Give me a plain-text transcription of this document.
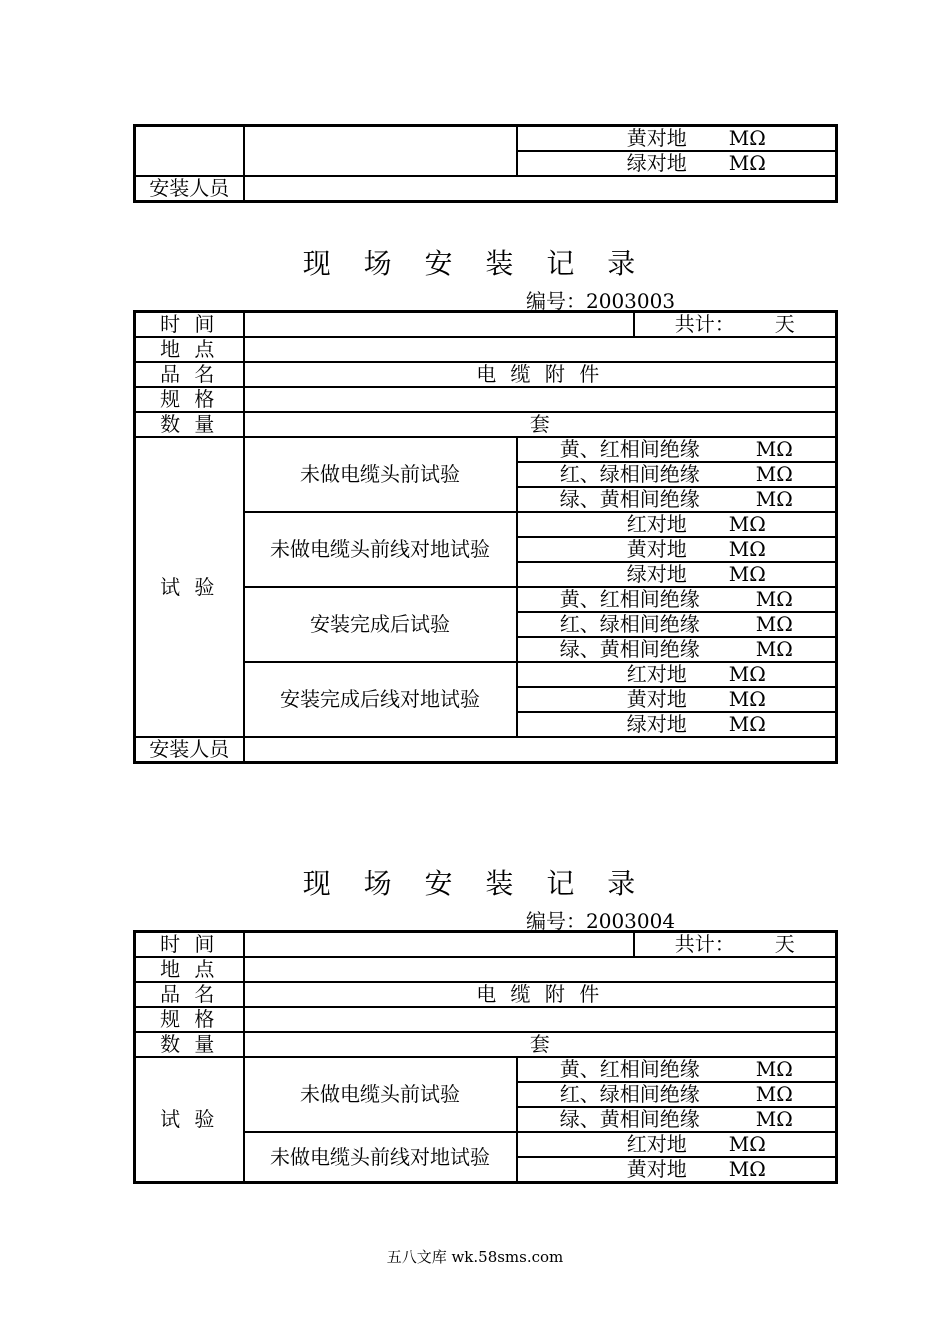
		黄对地 MΩ
		绿对地 MΩ
安装人员		
现 场 安 装 记 录
编号：2003003
时 间			共计： 天
地 点			
品 名	电 缆 附 件		
规 格			
数 量	套		
试 验	未做电缆头前试验	黄、红相间绝缘 MΩ	
		红、绿相间绝缘 MΩ	
		绿、黄相间绝缘 MΩ	
	未做电缆头前线对地试验	红对地 MΩ	
		黄对地 MΩ	
		绿对地 MΩ	
	安装完成后试验	黄、红相间绝缘 MΩ	
		红、绿相间绝缘 MΩ	
		绿、黄相间绝缘 MΩ	
	安装完成后线对地试验	红对地 MΩ	
		黄对地 MΩ	
		绿对地 MΩ	
安装人员			
现 场 安 装 记 录
编号：2003004
时 间			共计： 天
地 点			
品 名	电 缆 附 件		
规 格			
数 量	套		
试 验	未做电缆头前试验	黄、红相间绝缘 MΩ	
		红、绿相间绝缘 MΩ	
		绿、黄相间绝缘 MΩ	
	未做电缆头前线对地试验	红对地 MΩ	
		黄对地 MΩ	
五八文库 wk.58sms.com
